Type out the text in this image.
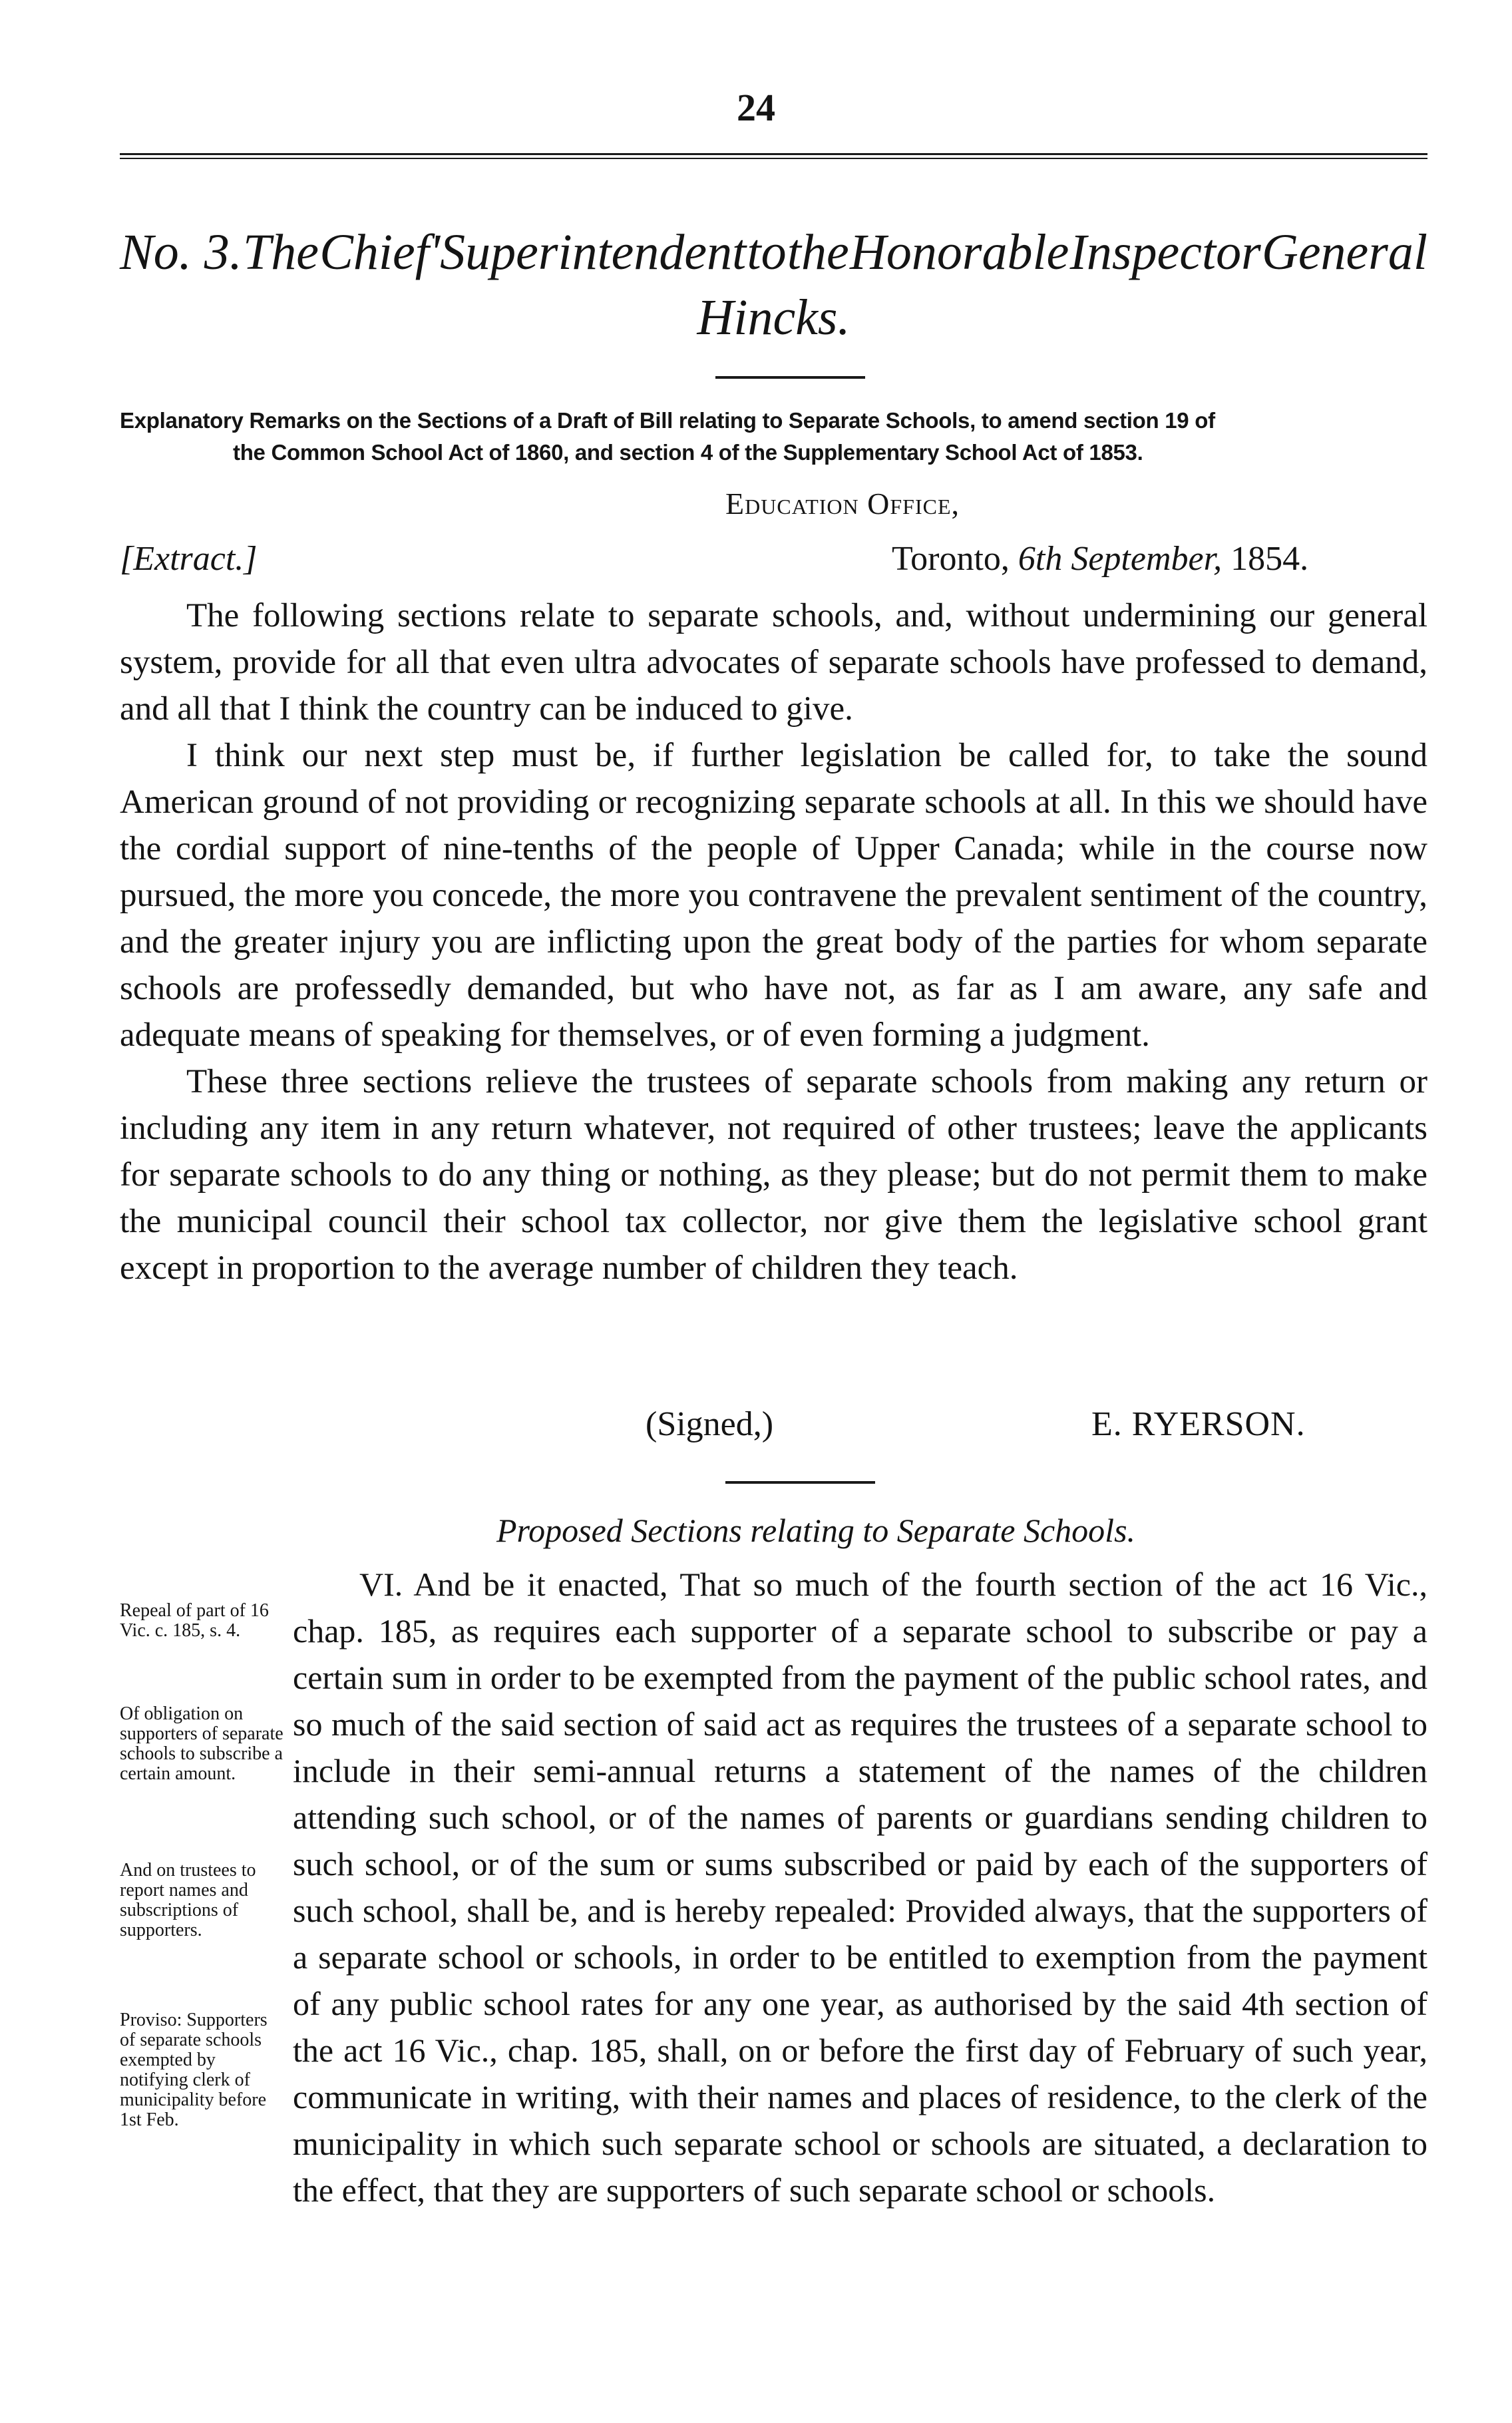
24
No. 3. The Chief'Superintendent to the Honorable Inspector General
Hincks.
Explanatory Remarks on the Sections of a Draft of Bill relating to Separate Schools, to amend section 19 of
the Common School Act of 1860, and section 4 of the Supplementary School Act of 1853.
Education Office,
[Extract.]	Toronto, 6th September, 1854.

The following sections relate to separate schools, and, without undermining our general system, provide for all that even ultra advocates of separate schools have professed to demand, and all that I think the country can be induced to give.

I think our next step must be, if further legislation be called for, to take the sound American ground of not providing or recognizing separate schools at all. In this we should have the cordial support of nine-tenths of the people of Upper Canada; while in the course now pursued, the more you concede, the more you contravene the prevalent sentiment of the country, and the greater injury you are inflicting upon the great body of the parties for whom separate schools are professedly demanded, but who have not, as far as I am aware, any safe and adequate means of speaking for themselves, or of even forming a judgment.

These three sections relieve the trustees of separate schools from making any return or including any item in any return whatever, not required of other trustees; leave the applicants for separate schools to do any thing or nothing, as they please; but do not permit them to make the municipal council their school tax collector, nor give them the legislative school grant except in proportion to the average number of children they teach.

(Signed,)	E. RYERSON.
Proposed Sections relating to Separate Schools.
Repeal of part of 16 Vic. c. 185, s. 4.
Of obligation on supporters of separate schools to subscribe a certain amount.
And on trustees to report names and subscriptions of supporters.
Proviso: Supporters of separate schools exempted by notifying clerk of municipality before 1st Feb.

VI. And be it enacted, That so much of the fourth section of the act 16 Vic., chap. 185, as requires each supporter of a separate school to subscribe or pay a certain sum in order to be exempted from the payment of the public school rates, and so much of the said section of said act as requires the trustees of a separate school to include in their semi-annual returns a statement of the names of the children attending such school, or of the names of parents or guardians sending children to such school, or of the sum or sums subscribed or paid by each of the supporters of such school, shall be, and is hereby repealed: Provided always, that the supporters of a separate school or schools, in order to be entitled to exemption from the payment of any public school rates for any one year, as authorised by the said 4th section of the act 16 Vic., chap. 185, shall, on or before the first day of February of such year, communicate in writing, with their names and places of residence, to the clerk of the municipality in which such separate school or schools are situated, a declaration to the effect, that they are supporters of such separate school or schools.
